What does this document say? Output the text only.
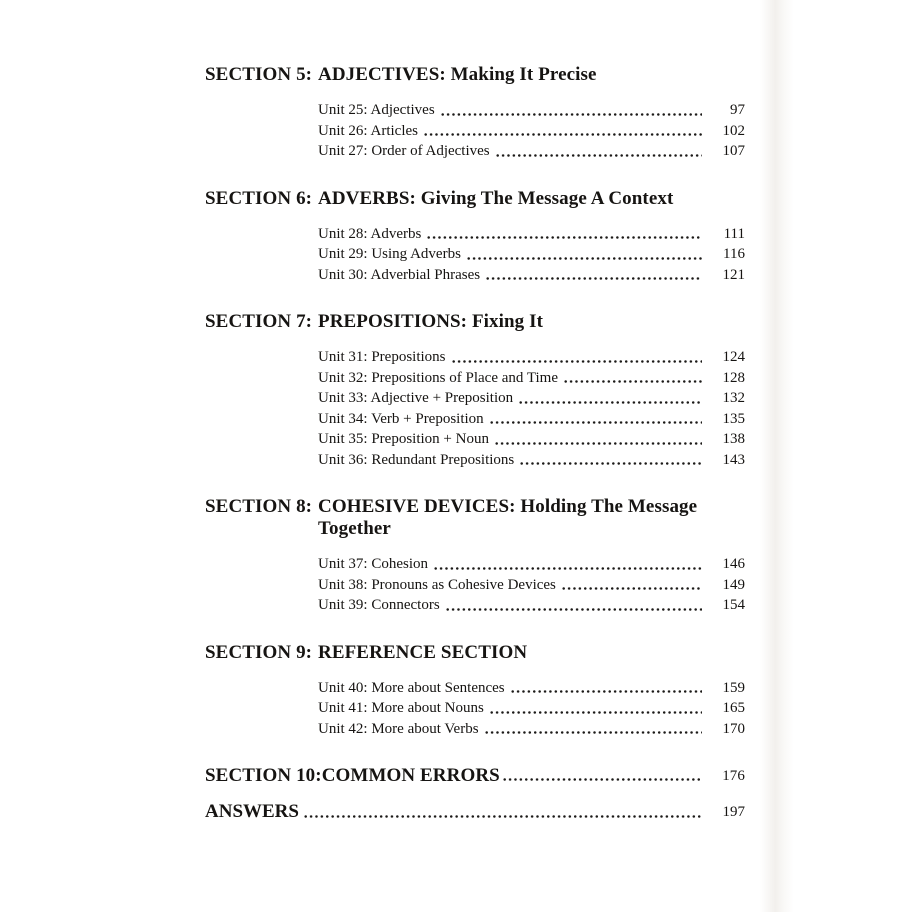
SECTION 5: ADJECTIVES: Making It Precise
Unit 25: Adjectives	97
Unit 26: Articles	102
Unit 27: Order of Adjectives	107
SECTION 6: ADVERBS: Giving The Message A Context
Unit 28: Adverbs	111
Unit 29: Using Adverbs	116
Unit 30: Adverbial Phrases	121
SECTION 7: PREPOSITIONS: Fixing It
Unit 31: Prepositions	124
Unit 32: Prepositions of Place and Time	128
Unit 33: Adjective + Preposition	132
Unit 34: Verb + Preposition	135
Unit 35: Preposition + Noun	138
Unit 36: Redundant Prepositions	143
SECTION 8: COHESIVE DEVICES: Holding The Message Together
Unit 37: Cohesion	146
Unit 38: Pronouns as Cohesive Devices	149
Unit 39: Connectors	154
SECTION 9: REFERENCE SECTION
Unit 40: More about Sentences	159
Unit 41: More about Nouns	165
Unit 42: More about Verbs	170
SECTION 10: COMMON ERRORS	176
ANSWERS	197
